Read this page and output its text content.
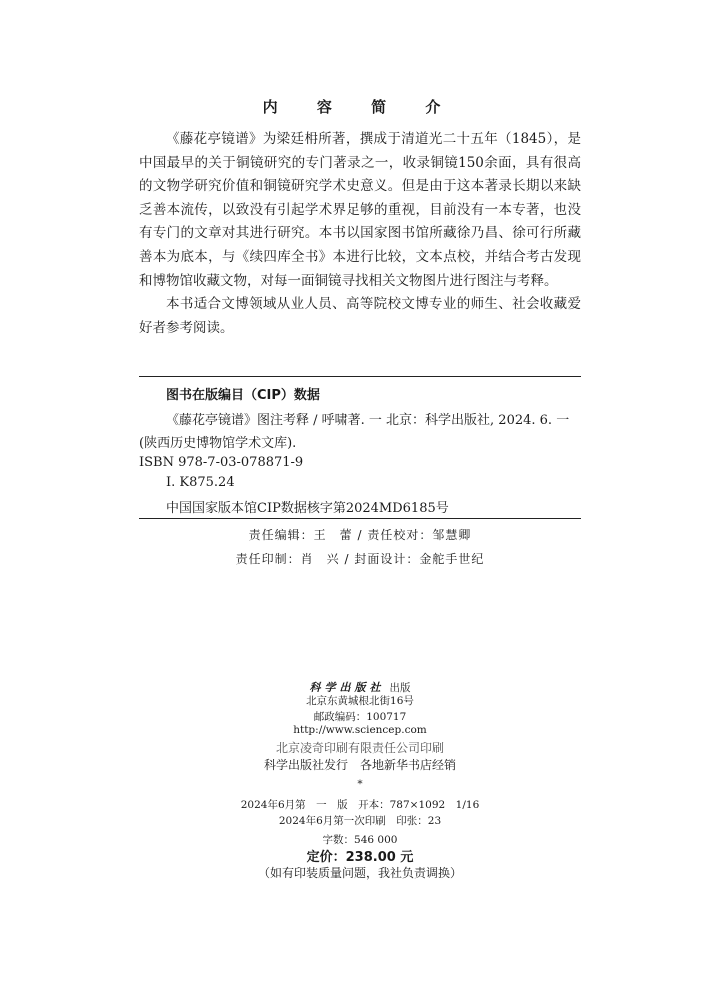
内 容 简 介

《藤花亭镜谱》为梁廷枏所著，撰成于清道光二十五年（1845），是中国最早的关于铜镜研究的专门著录之一，收录铜镜150余面，具有很高的文物学研究价值和铜镜研究学术史意义。但是由于这本著录长期以来缺乏善本流传，以致没有引起学术界足够的重视，目前没有一本专著，也没有专门的文章对其进行研究。本书以国家图书馆所藏徐乃昌、徐可行所藏善本为底本，与《续四库全书》本进行比较，文本点校，并结合考古发现和博物馆收藏文物，对每一面铜镜寻找相关文物图片进行图注与考释。

本书适合文博领域从业人员、高等院校文博专业的师生、社会收藏爱好者参考阅读。

图书在版编目（CIP）数据
《藤花亭镜谱》图注考释 / 呼啸著. 一 北京：科学出版社, 2024. 6. 一
(陕西历史博物馆学术文库).
ISBN 978-7-03-078871-9
Ⅰ. K875.24
中国国家版本馆CIP数据核字第2024MD6185号
责任编辑：王　蕾 / 责任校对：邹慧卿
责任印制：肖　兴 / 封面设计：金舵手世纪
科学出版社 出版
北京东黄城根北街16号
邮政编码：100717
http://www.sciencep.com
北京凌奇印刷有限责任公司印刷
科学出版社发行　各地新华书店经销
*
2024年6月第　一　版　开本：787×1092　1/16
2024年6月第一次印刷　印张：23
字数：546 000
定价：238.00 元
（如有印装质量问题，我社负责调换）
